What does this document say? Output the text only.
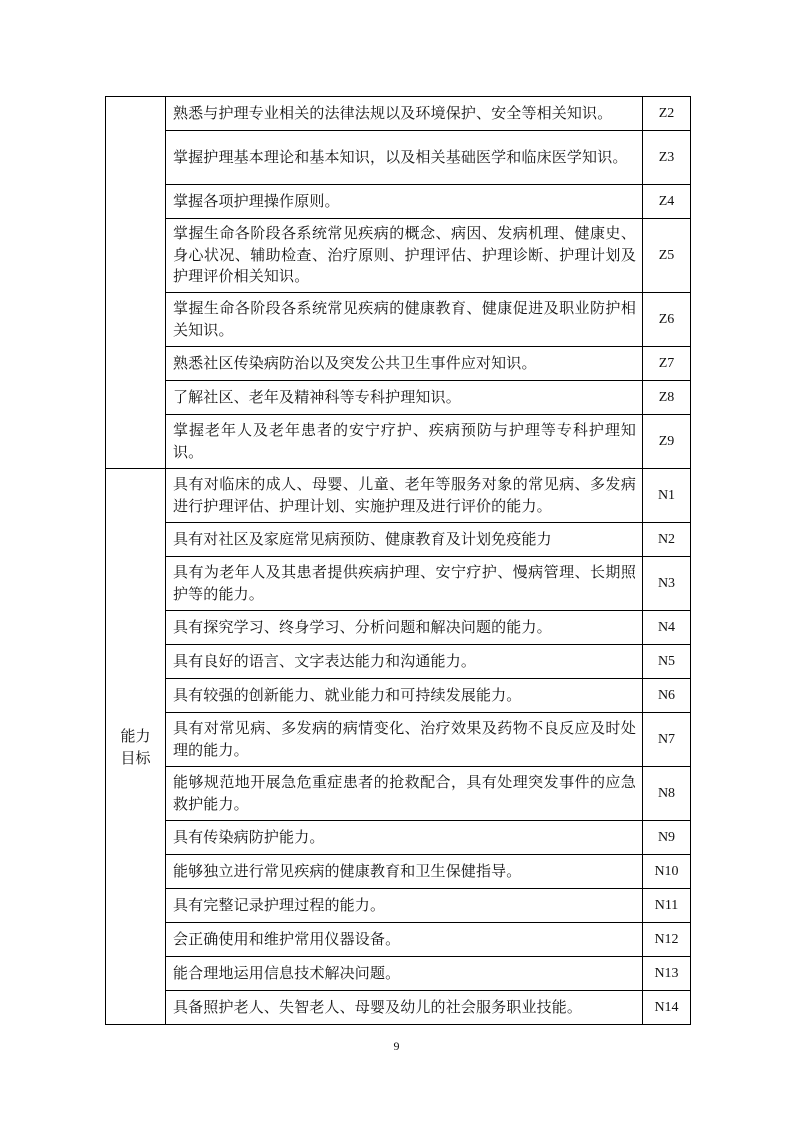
	熟悉与护理专业相关的法律法规以及环境保护、安全等相关知识。	Z2
	掌握护理基本理论和基本知识，以及相关基础医学和临床医学知识。	Z3
	掌握各项护理操作原则。	Z4
	掌握生命各阶段各系统常见疾病的概念、病因、发病机理、健康史、身心状况、辅助检查、治疗原则、护理评估、护理诊断、护理计划及护理评价相关知识。	Z5
	掌握生命各阶段各系统常见疾病的健康教育、健康促进及职业防护相关知识。	Z6
	熟悉社区传染病防治以及突发公共卫生事件应对知识。	Z7
	了解社区、老年及精神科等专科护理知识。	Z8
	掌握老年人及老年患者的安宁疗护、疾病预防与护理等专科护理知识。	Z9

能力
目标	具有对临床的成人、母婴、儿童、老年等服务对象的常见病、多发病进行护理评估、护理计划、实施护理及进行评价的能力。	N1
	具有对社区及家庭常见病预防、健康教育及计划免疫能力	N2
	具有为老年人及其患者提供疾病护理、安宁疗护、慢病管理、长期照护等的能力。	N3
	具有探究学习、终身学习、分析问题和解决问题的能力。	N4
	具有良好的语言、文字表达能力和沟通能力。	N5
	具有较强的创新能力、就业能力和可持续发展能力。	N6
	具有对常见病、多发病的病情变化、治疗效果及药物不良反应及时处理的能力。	N7
	能够规范地开展急危重症患者的抢救配合，具有处理突发事件的应急救护能力。	N8
	具有传染病防护能力。	N9
	能够独立进行常见疾病的健康教育和卫生保健指导。	N10
	具有完整记录护理过程的能力。	N11
	会正确使用和维护常用仪器设备。	N12
	能合理地运用信息技术解决问题。	N13
	具备照护老人、失智老人、母婴及幼儿的社会服务职业技能。	N14
9
